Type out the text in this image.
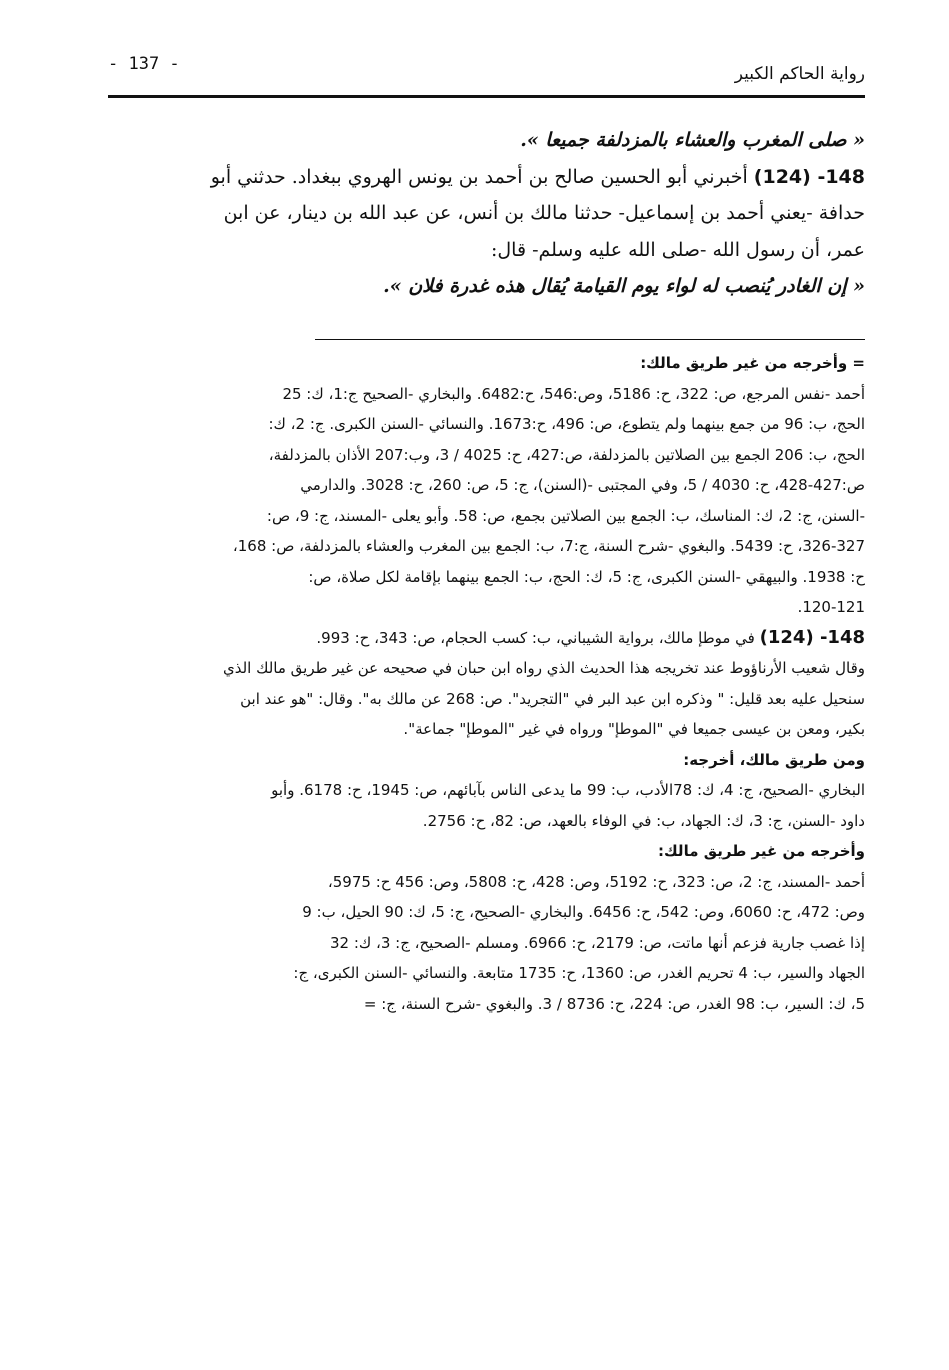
رواية الحاكم الكبير
- 137 -
« صلى المغرب والعشاء بالمزدلفة جميعا ».
148- (124) أخبرني أبو الحسين صالح بن أحمد بن يونس الهروي ببغداد. حدثني أبو
حدافة -يعني أحمد بن إسماعيل- حدثنا مالك بن أنس، عن عبد الله بن دينار، عن ابن
عمر، أن رسول الله -صلى الله عليه وسلم- قال:
« إن الغادر يُنصب له لواء يوم القيامة يُقال هذه غدرة فلان ».
= وأخرجه من غير طريق مالك:
أحمد -نفس المرجع، ص: 322، ح: 5186، وص:546، ح:6482. والبخاري -الصحيح ج:1، ك: 25
الحج، ب: 96 من جمع بينهما ولم يتطوع، ص: 496، ح:1673. والنسائي -السنن الكبرى. ج: 2، ك:
الحج، ب: 206 الجمع بين الصلاتين بالمزدلفة، ص:427، ح: 4025 / 3، وب:207 الأذان بالمزدلفة،
ص:427-428، ح: 4030 / 5، وفي المجتبى -(السنن)، ج: 5، ص: 260، ح: 3028. والدارمي
-السنن، ج: 2، ك: المناسك، ب: الجمع بين الصلاتين بجمع، ص: 58. وأبو يعلى -المسند، ج: 9، ص:
326-327، ح: 5439. والبغوي -شرح السنة، ج:7، ب: الجمع بين المغرب والعشاء بالمزدلفة، ص: 168،
ح: 1938. والبيهقي -السنن الكبرى، ج: 5، ك: الحج، ب: الجمع بينهما بإقامة لكل صلاة، ص:
120-121.
148- (124) في موطإ مالك، برواية الشيباني، ب: كسب الحجام، ص: 343، ح: 993.
وقال شعيب الأرناؤوط عند تخريجه هذا الحديث الذي رواه ابن حبان في صحيحه عن غير طريق مالك الذي
سنحيل عليه بعد قليل: " وذكره ابن عبد البر في "التجريد". ص: 268 عن مالك به". وقال: "هو عند ابن
بكير، ومعن بن عيسى جميعا في "الموطإ" ورواه في غير "الموطإ" جماعة".
ومن طريق مالك، أخرجه:
البخاري -الصحيح، ج: 4، ك: 78الأدب، ب: 99 ما يدعى الناس بآبائهم، ص: 1945، ح: 6178. وأبو
داود -السنن، ج: 3، ك: الجهاد، ب: في الوفاء بالعهد، ص: 82، ح: 2756.
وأخرجه من غير طريق مالك:
أحمد -المسند، ج: 2، ص: 323، ح: 5192، وص: 428، ح: 5808، وص: 456 ح: 5975،
وص: 472، ح: 6060، وص: 542، ح: 6456. والبخاري -الصحيح، ج: 5، ك: 90 الحيل، ب: 9
إذا غصب جارية فزعم أنها ماتت، ص: 2179، ح: 6966. ومسلم -الصحيح، ج: 3، ك: 32
الجهاد والسير، ب: 4 تحريم الغدر، ص: 1360، ح: 1735 متابعة. والنسائي -السنن الكبرى، ج:
5، ك: السير، ب: 98 الغدر، ص: 224، ح: 8736 / 3. والبغوي -شرح السنة، ج: =
